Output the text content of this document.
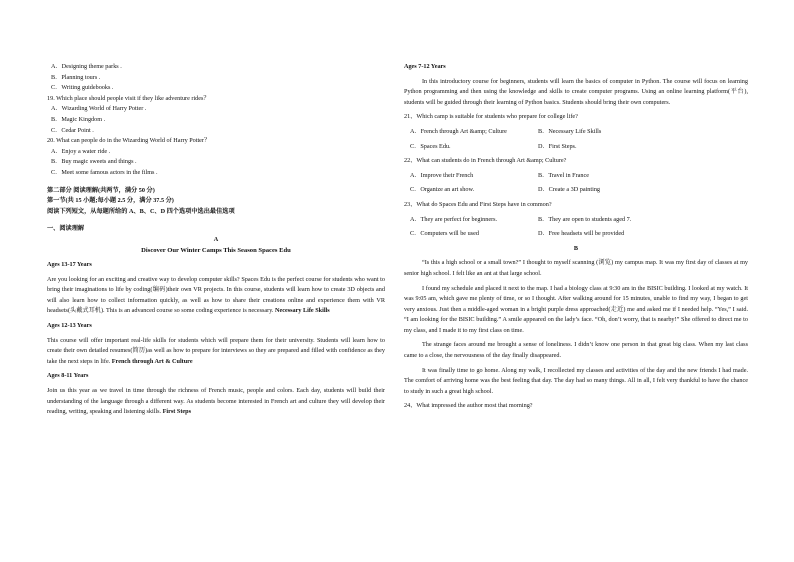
A．Designing theme parks .

B．Planning tours .

C．Writing guidebooks .

19. Which place should people visit if they like adventure rides？

A．Wizarding World of Harry Potter .

B．Magic Kingdom .

C．Cedar Point .

20. What can people do in the Wizarding World of Harry Potter？

A．Enjoy a water ride .

B．Buy magic sweets and things .

C．Meet some famous actors in the films .

第二部分 阅读理解(共两节，满分 50 分)

第一节(共 15 小题;每小题 2.5 分，满分 37.5 分)

阅读下列短文，从每题所给的 A、B、C、D 四个选项中选出最佳选项

一、阅读理解

A

Discover Our Winter Camps This Season Spaces Edu

Ages 13-17 Years

Are you looking for an exciting and creative way to develop computer skills? Spaces Edu is the perfect course for students who want to bring their imaginations to life by coding(编码)their own VR projects. In this course, students will learn how to create 3D objects and will also learn how to collect information quickly, as well as how to share their creations online and experience them with VR headsets(头戴式耳机). This is an advanced course so some coding experience is necessary. Necessary Life Skills

Ages 12-13 Years

This course will offer important real-life skills for students which will prepare them for their university. Students will learn how to create their own detailed resumes(简历)as well as how to prepare for interviews so they are prepared and filled with confidence as they take the next steps in life. French through Art & Culture

Ages 8-11 Years

Join us this year as we travel in time through the richness of French music, people and colors. Each day, students will build their understanding of the language through a different way. As students become interested in French art and culture they will develop their reading, writing, speaking and listening skills. First Steps

Ages 7-12 Years

In this introductory course for beginners, students will learn the basics of computer in Python. The course will focus on learning Python programming and then using the knowledge and skills to create computer programs. Using an online learning platform(平台), students will be guided through their learning of Python basics. Students should bring their own computers.

21、Which camp is suitable for students who prepare for college life?

A．French through Art &amp; Culture	B．Necessary Life Skills
C．Spaces Edu.	D．First Steps.

22、What can students do in French through Art &amp; Culture?

A．Improve their French	B．Travel in France
C．Organize an art show.	D．Create a 3D painting

23、What do Spaces Edu and First Steps have in common?

A．They are perfect for beginners.	B．They are open to students aged 7.
C．Computers will be used	D．Free headsets will be provided

B

“Is this a high school or a small town?” I thought to myself scanning (浏览) my campus map. It was my first day of classes at my senior high school. I felt like an ant at that large school.

I found my schedule and placed it next to the map. I had a biology class at 9:30 am in the BISIC building. I looked at my watch. It was 9:05 am, which gave me plenty of time, or so I thought. After walking around for 15 minutes, unable to find my way, I began to get very anxious. Just then a middle-aged woman in a bright purple dress approached(走近) me and asked me if I needed help. “Yes,” I said. “I am looking for the BISIC building.” A smile appeared on the lady’s face. “Oh, don’t worry, that is nearby!” She offered to direct me to my class, and I made it to my first class on time.

The strange faces around me brought a sense of loneliness. I didn’t know one person in that great big class. When my last class came to a close, the nervousness of the day finally disappeared.

It was finally time to go home. Along my walk, I recollected my classes and activities of the day and the new friends I had made. The comfort of arriving home was the best feeling that day. The day had so many things. All in all, I felt very thankful to have the chance to study in such a great high school.

24、What impressed the author most that morning?
